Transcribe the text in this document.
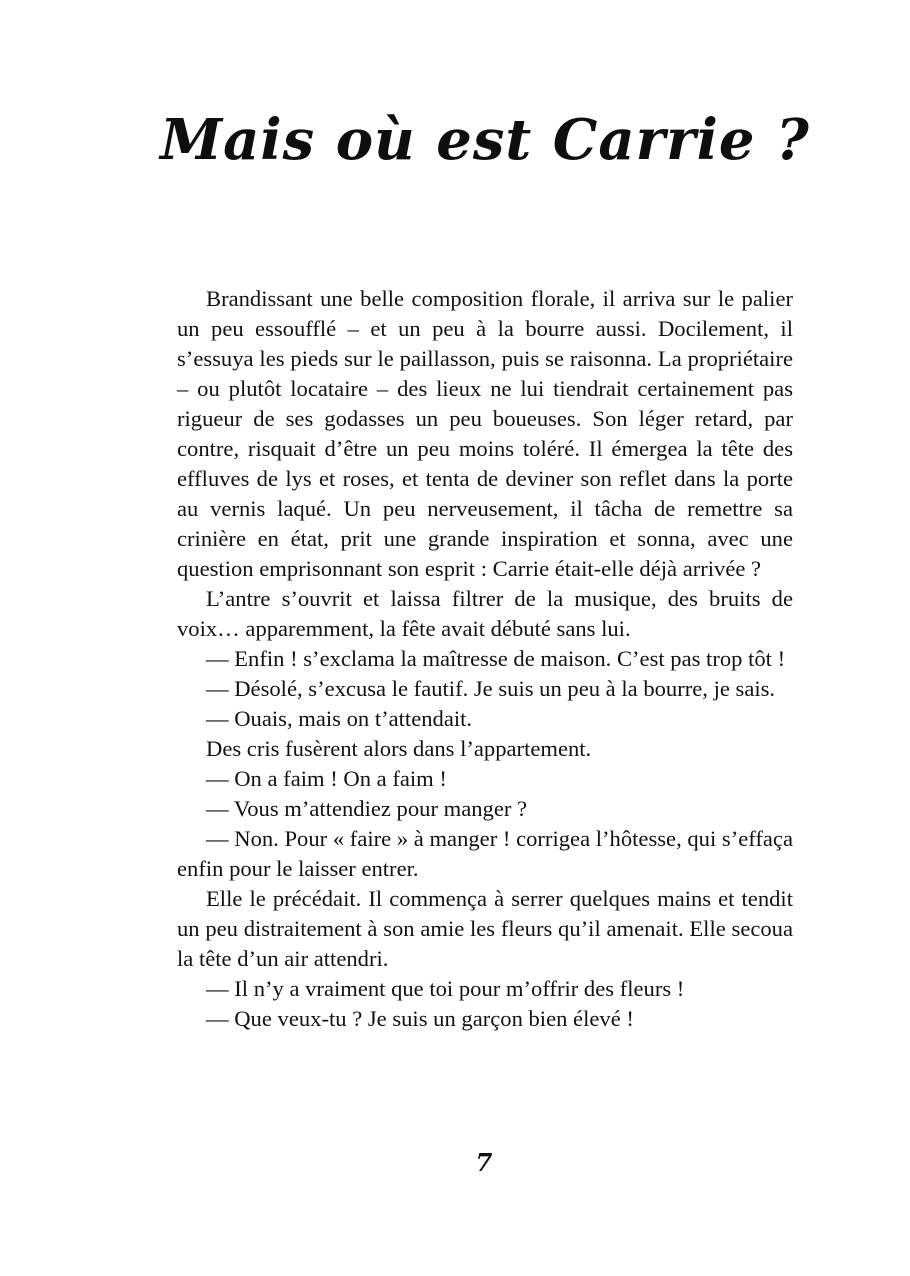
Mais où est Carrie ?

Brandissant une belle composition florale, il arriva sur le palier un peu essoufflé – et un peu à la bourre aussi. Docilement, il s’essuya les pieds sur le paillasson, puis se raisonna. La propriétaire – ou plutôt locataire – des lieux ne lui tiendrait certainement pas rigueur de ses godasses un peu boueuses. Son léger retard, par contre, risquait d’être un peu moins toléré. Il émergea la tête des effluves de lys et roses, et tenta de deviner son reflet dans la porte au vernis laqué. Un peu nerveusement, il tâcha de remettre sa crinière en état, prit une grande inspiration et sonna, avec une question emprisonnant son esprit : Carrie était-elle déjà arrivée ?

L’antre s’ouvrit et laissa filtrer de la musique, des bruits de voix… apparemment, la fête avait débuté sans lui.

— Enfin ! s’exclama la maîtresse de maison. C’est pas trop tôt !

— Désolé, s’excusa le fautif. Je suis un peu à la bourre, je sais.

— Ouais, mais on t’attendait.

Des cris fusèrent alors dans l’appartement.

— On a faim ! On a faim !

— Vous m’attendiez pour manger ?

— Non. Pour « faire » à manger ! corrigea l’hôtesse, qui s’effaça enfin pour le laisser entrer.

Elle le précédait. Il commença à serrer quelques mains et tendit un peu distraitement à son amie les fleurs qu’il amenait. Elle secoua la tête d’un air attendri.

— Il n’y a vraiment que toi pour m’offrir des fleurs !

— Que veux-tu ? Je suis un garçon bien élevé !

7
